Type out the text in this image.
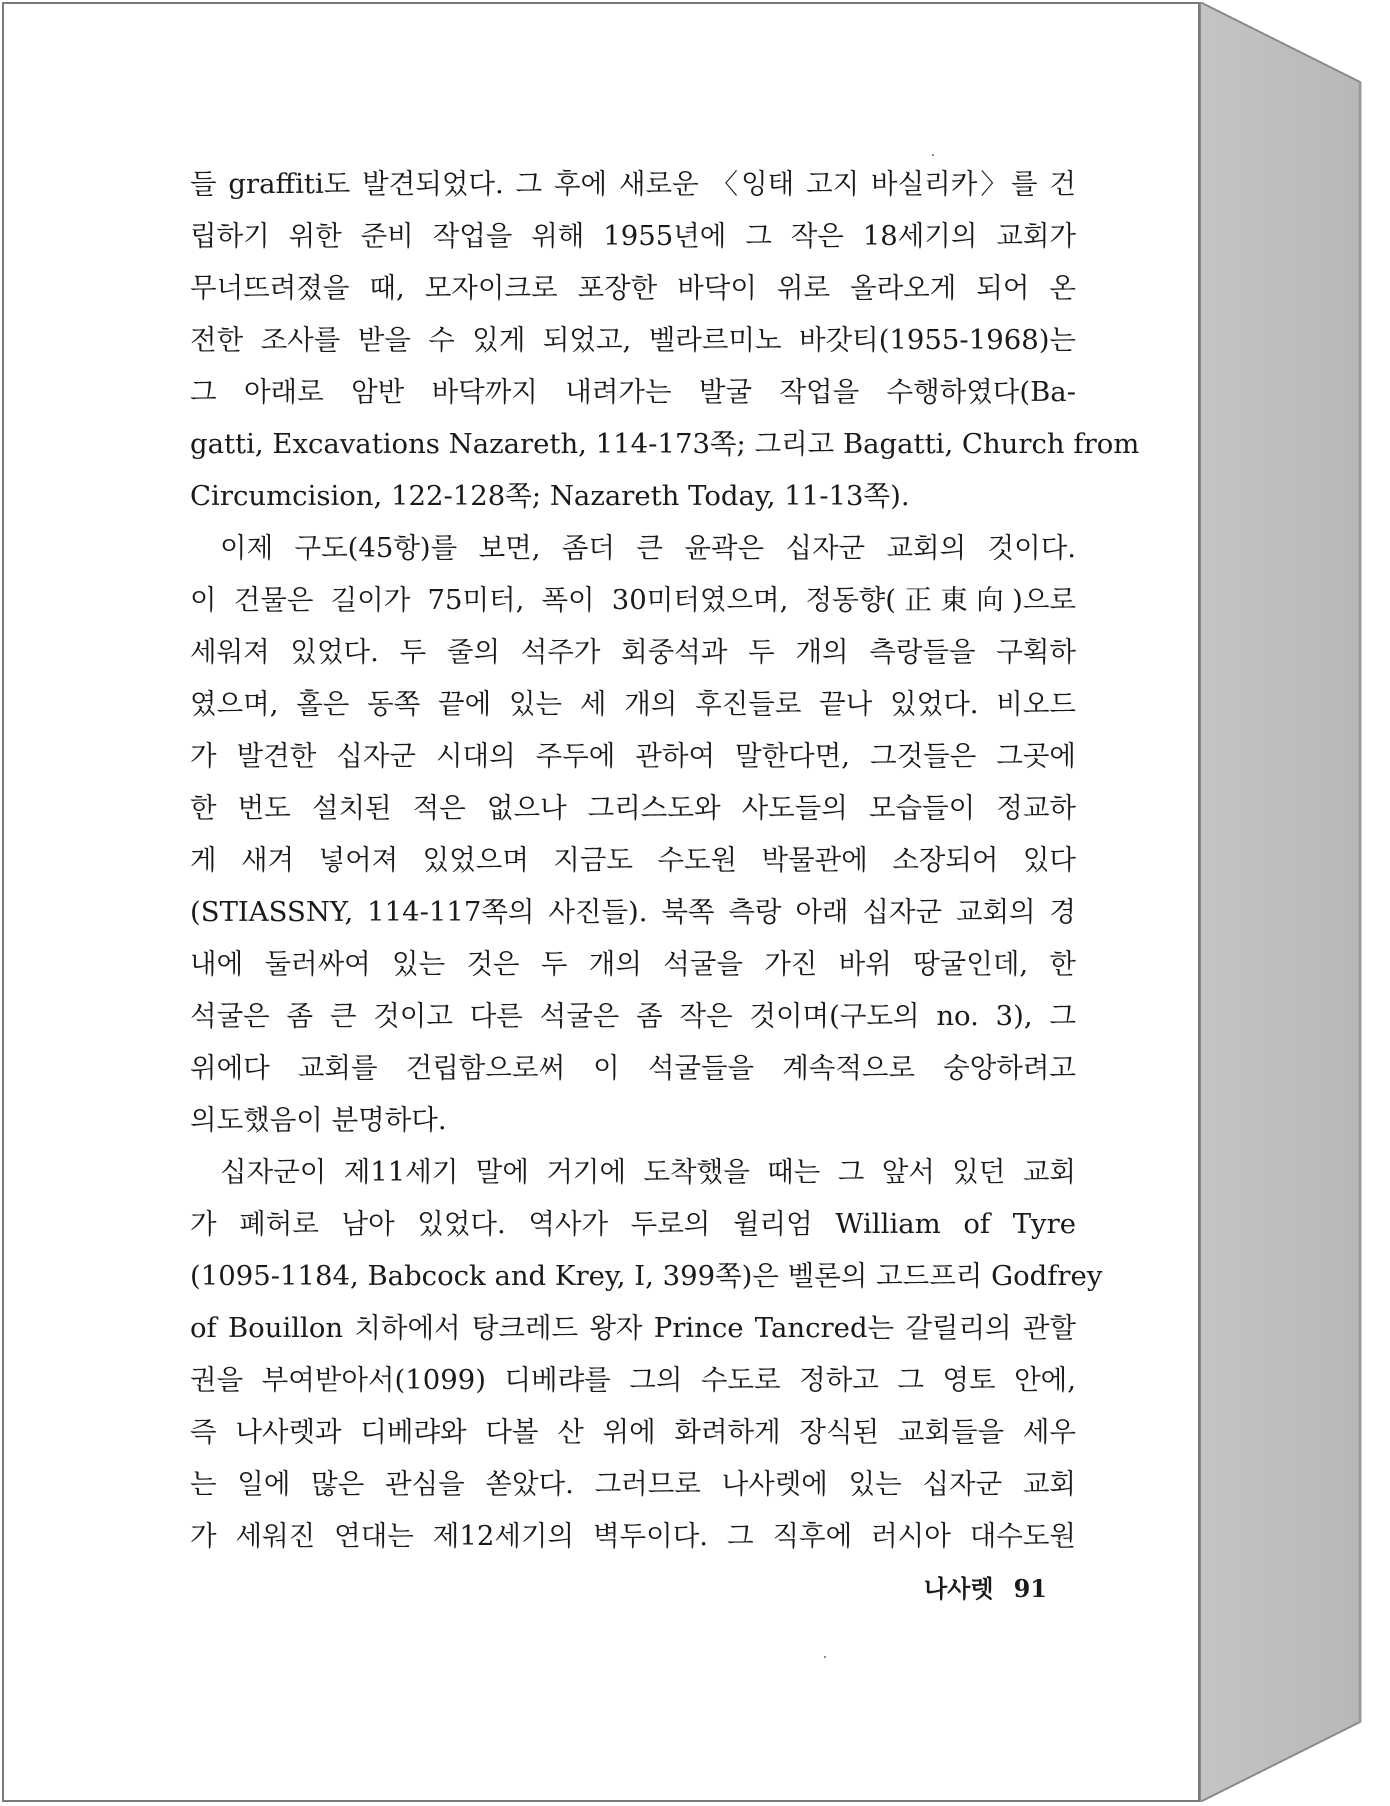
들 graffiti도 발견되었다. 그 후에 새로운 〈잉태 고지 바실리카〉를 건
립하기 위한 준비 작업을 위해 1955년에 그 작은 18세기의 교회가
무너뜨려졌을 때, 모자이크로 포장한 바닥이 위로 올라오게 되어 온
전한 조사를 받을 수 있게 되었고, 벨라르미노 바갓티(1955-1968)는
그 아래로 암반 바닥까지 내려가는 발굴 작업을 수행하였다(Ba-
gatti, Excavations Nazareth, 114-173쪽; 그리고 Bagatti, Church from
Circumcision, 122-128쪽; Nazareth Today, 11-13쪽).
이제 구도(45항)를 보면, 좀더 큰 윤곽은 십자군 교회의 것이다.
이 건물은 길이가 75미터, 폭이 30미터였으며, 정동향(正東向)으로
세워져 있었다. 두 줄의 석주가 회중석과 두 개의 측랑들을 구획하
였으며, 홀은 동쪽 끝에 있는 세 개의 후진들로 끝나 있었다. 비오드
가 발견한 십자군 시대의 주두에 관하여 말한다면, 그것들은 그곳에
한 번도 설치된 적은 없으나 그리스도와 사도들의 모습들이 정교하
게 새겨 넣어져 있었으며 지금도 수도원 박물관에 소장되어 있다
(STIASSNY, 114-117쪽의 사진들). 북쪽 측랑 아래 십자군 교회의 경
내에 둘러싸여 있는 것은 두 개의 석굴을 가진 바위 땅굴인데, 한
석굴은 좀 큰 것이고 다른 석굴은 좀 작은 것이며(구도의 no. 3), 그
위에다 교회를 건립함으로써 이 석굴들을 계속적으로 숭앙하려고
의도했음이 분명하다.
십자군이 제11세기 말에 거기에 도착했을 때는 그 앞서 있던 교회
가 폐허로 남아 있었다. 역사가 두로의 윌리엄 William of Tyre
(1095-1184, Babcock and Krey, I, 399쪽)은 벨론의 고드프리 Godfrey
of Bouillon 치하에서 탕크레드 왕자 Prince Tancred는 갈릴리의 관할
권을 부여받아서(1099) 디베랴를 그의 수도로 정하고 그 영토 안에,
즉 나사렛과 디베랴와 다볼 산 위에 화려하게 장식된 교회들을 세우
는 일에 많은 관심을 쏟았다. 그러므로 나사렛에 있는 십자군 교회
가 세워진 연대는 제12세기의 벽두이다. 그 직후에 러시아 대수도원
나사렛 91
